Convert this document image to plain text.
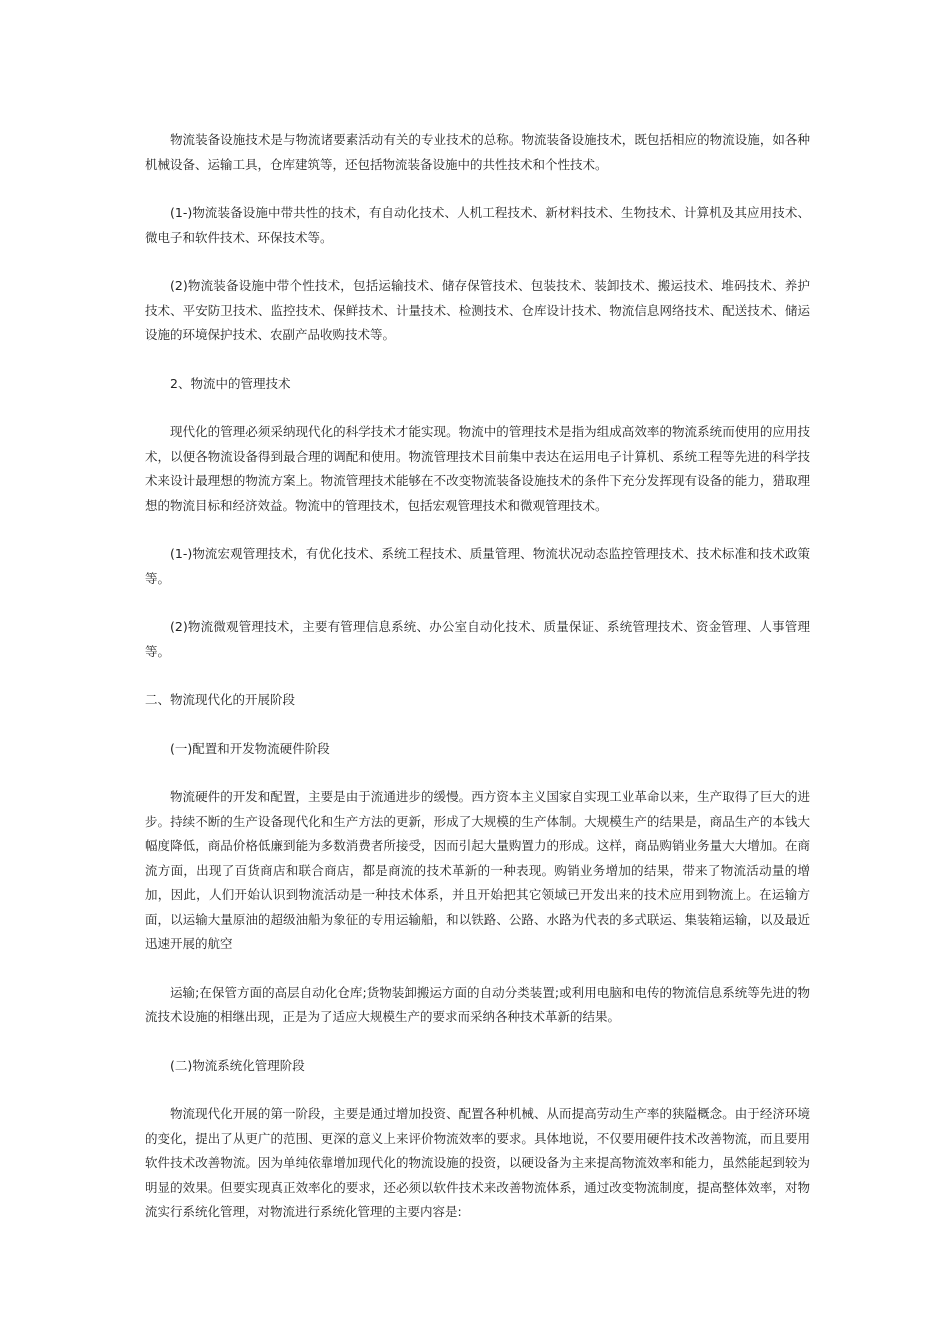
物流装备设施技术是与物流诸要素活动有关的专业技术的总称。物流装备设施技术，既包括相应的物流设施，如各种机械设备、运输工具，仓库建筑等，还包括物流装备设施中的共性技术和个性技术。

(1-)物流装备设施中带共性的技术，有自动化技术、人机工程技术、新材料技术、生物技术、计算机及其应用技术、微电子和软件技术、环保技术等。

(2)物流装备设施中带个性技术，包括运输技术、储存保管技术、包装技术、装卸技术、搬运技术、堆码技术、养护技术、平安防卫技术、监控技术、保鲜技术、计量技术、检测技术、仓库设计技术、物流信息网络技术、配送技术、储运设施的环境保护技术、农副产品收购技术等。

2、物流中的管理技术

现代化的管理必须采纳现代化的科学技术才能实现。物流中的管理技术是指为组成高效率的物流系统而使用的应用技术，以便各物流设备得到最合理的调配和使用。物流管理技术目前集中表达在运用电子计算机、系统工程等先进的科学技术来设计最理想的物流方案上。物流管理技术能够在不改变物流装备设施技术的条件下充分发挥现有设备的能力，猎取理想的物流目标和经济效益。物流中的管理技术，包括宏观管理技术和微观管理技术。

(1-)物流宏观管理技术，有优化技术、系统工程技术、质量管理、物流状况动态监控管理技术、技术标准和技术政策等。

(2)物流微观管理技术，主要有管理信息系统、办公室自动化技术、质量保证、系统管理技术、资金管理、人事管理等。

二、物流现代化的开展阶段

(一)配置和开发物流硬件阶段

物流硬件的开发和配置，主要是由于流通进步的缓慢。西方资本主义国家自实现工业革命以来，生产取得了巨大的进步。持续不断的生产设备现代化和生产方法的更新，形成了大规模的生产体制。大规模生产的结果是，商品生产的本钱大幅度降低，商品价格低廉到能为多数消费者所接受，因而引起大量购置力的形成。这样，商品购销业务量大大增加。在商流方面，出现了百货商店和联合商店，都是商流的技术革新的一种表现。购销业务增加的结果，带来了物流活动量的增加，因此，人们开始认识到物流活动是一种技术体系，并且开始把其它领域已开发出来的技术应用到物流上。在运输方面，以运输大量原油的超级油船为象征的专用运输船，和以铁路、公路、水路为代表的多式联运、集装箱运输，以及最近迅速开展的航空

运输;在保管方面的高层自动化仓库;货物装卸搬运方面的自动分类装置;或利用电脑和电传的物流信息系统等先进的物流技术设施的相继出现，正是为了适应大规模生产的要求而采纳各种技术革新的结果。

(二)物流系统化管理阶段

物流现代化开展的第一阶段，主要是通过增加投资、配置各种机械、从而提高劳动生产率的狭隘概念。由于经济环境的变化，提出了从更广的范围、更深的意义上来评价物流效率的要求。具体地说，不仅要用硬件技术改善物流，而且要用软件技术改善物流。因为单纯依靠增加现代化的物流设施的投资，以硬设备为主来提高物流效率和能力，虽然能起到较为明显的效果。但要实现真正效率化的要求，还必须以软件技术来改善物流体系，通过改变物流制度，提高整体效率，对物流实行系统化管理，对物流进行系统化管理的主要内容是:
